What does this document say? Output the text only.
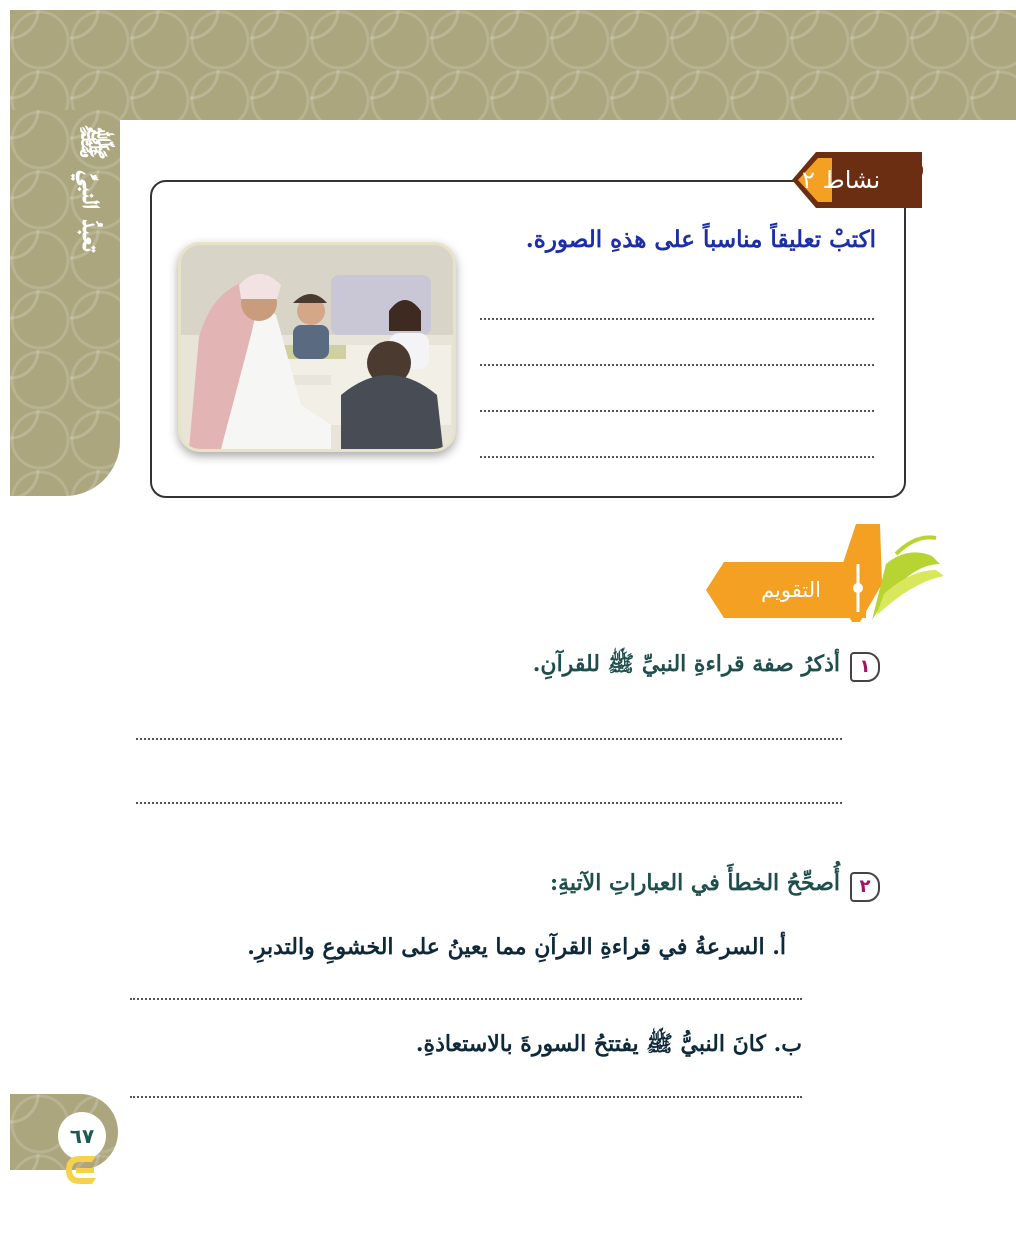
تعبدُ النبيِّ ﷺ	نشاط ٢ ?
اكتبْ تعليقاً مناسباً على هذهِ الصورة.
التقويم
١
أذكرُ صفة قراءةِ النبيِّ ﷺ للقرآنِ.
٢
أُصحِّحُ الخطأَ في العباراتِ الآتيةِ:
أ. السرعةُ في قراءةِ القرآنِ مما يعينُ على الخشوعِ والتدبرِ.
ب. كانَ النبيُّ ﷺ يفتتحُ السورةَ بالاستعاذةِ.
٦٧
